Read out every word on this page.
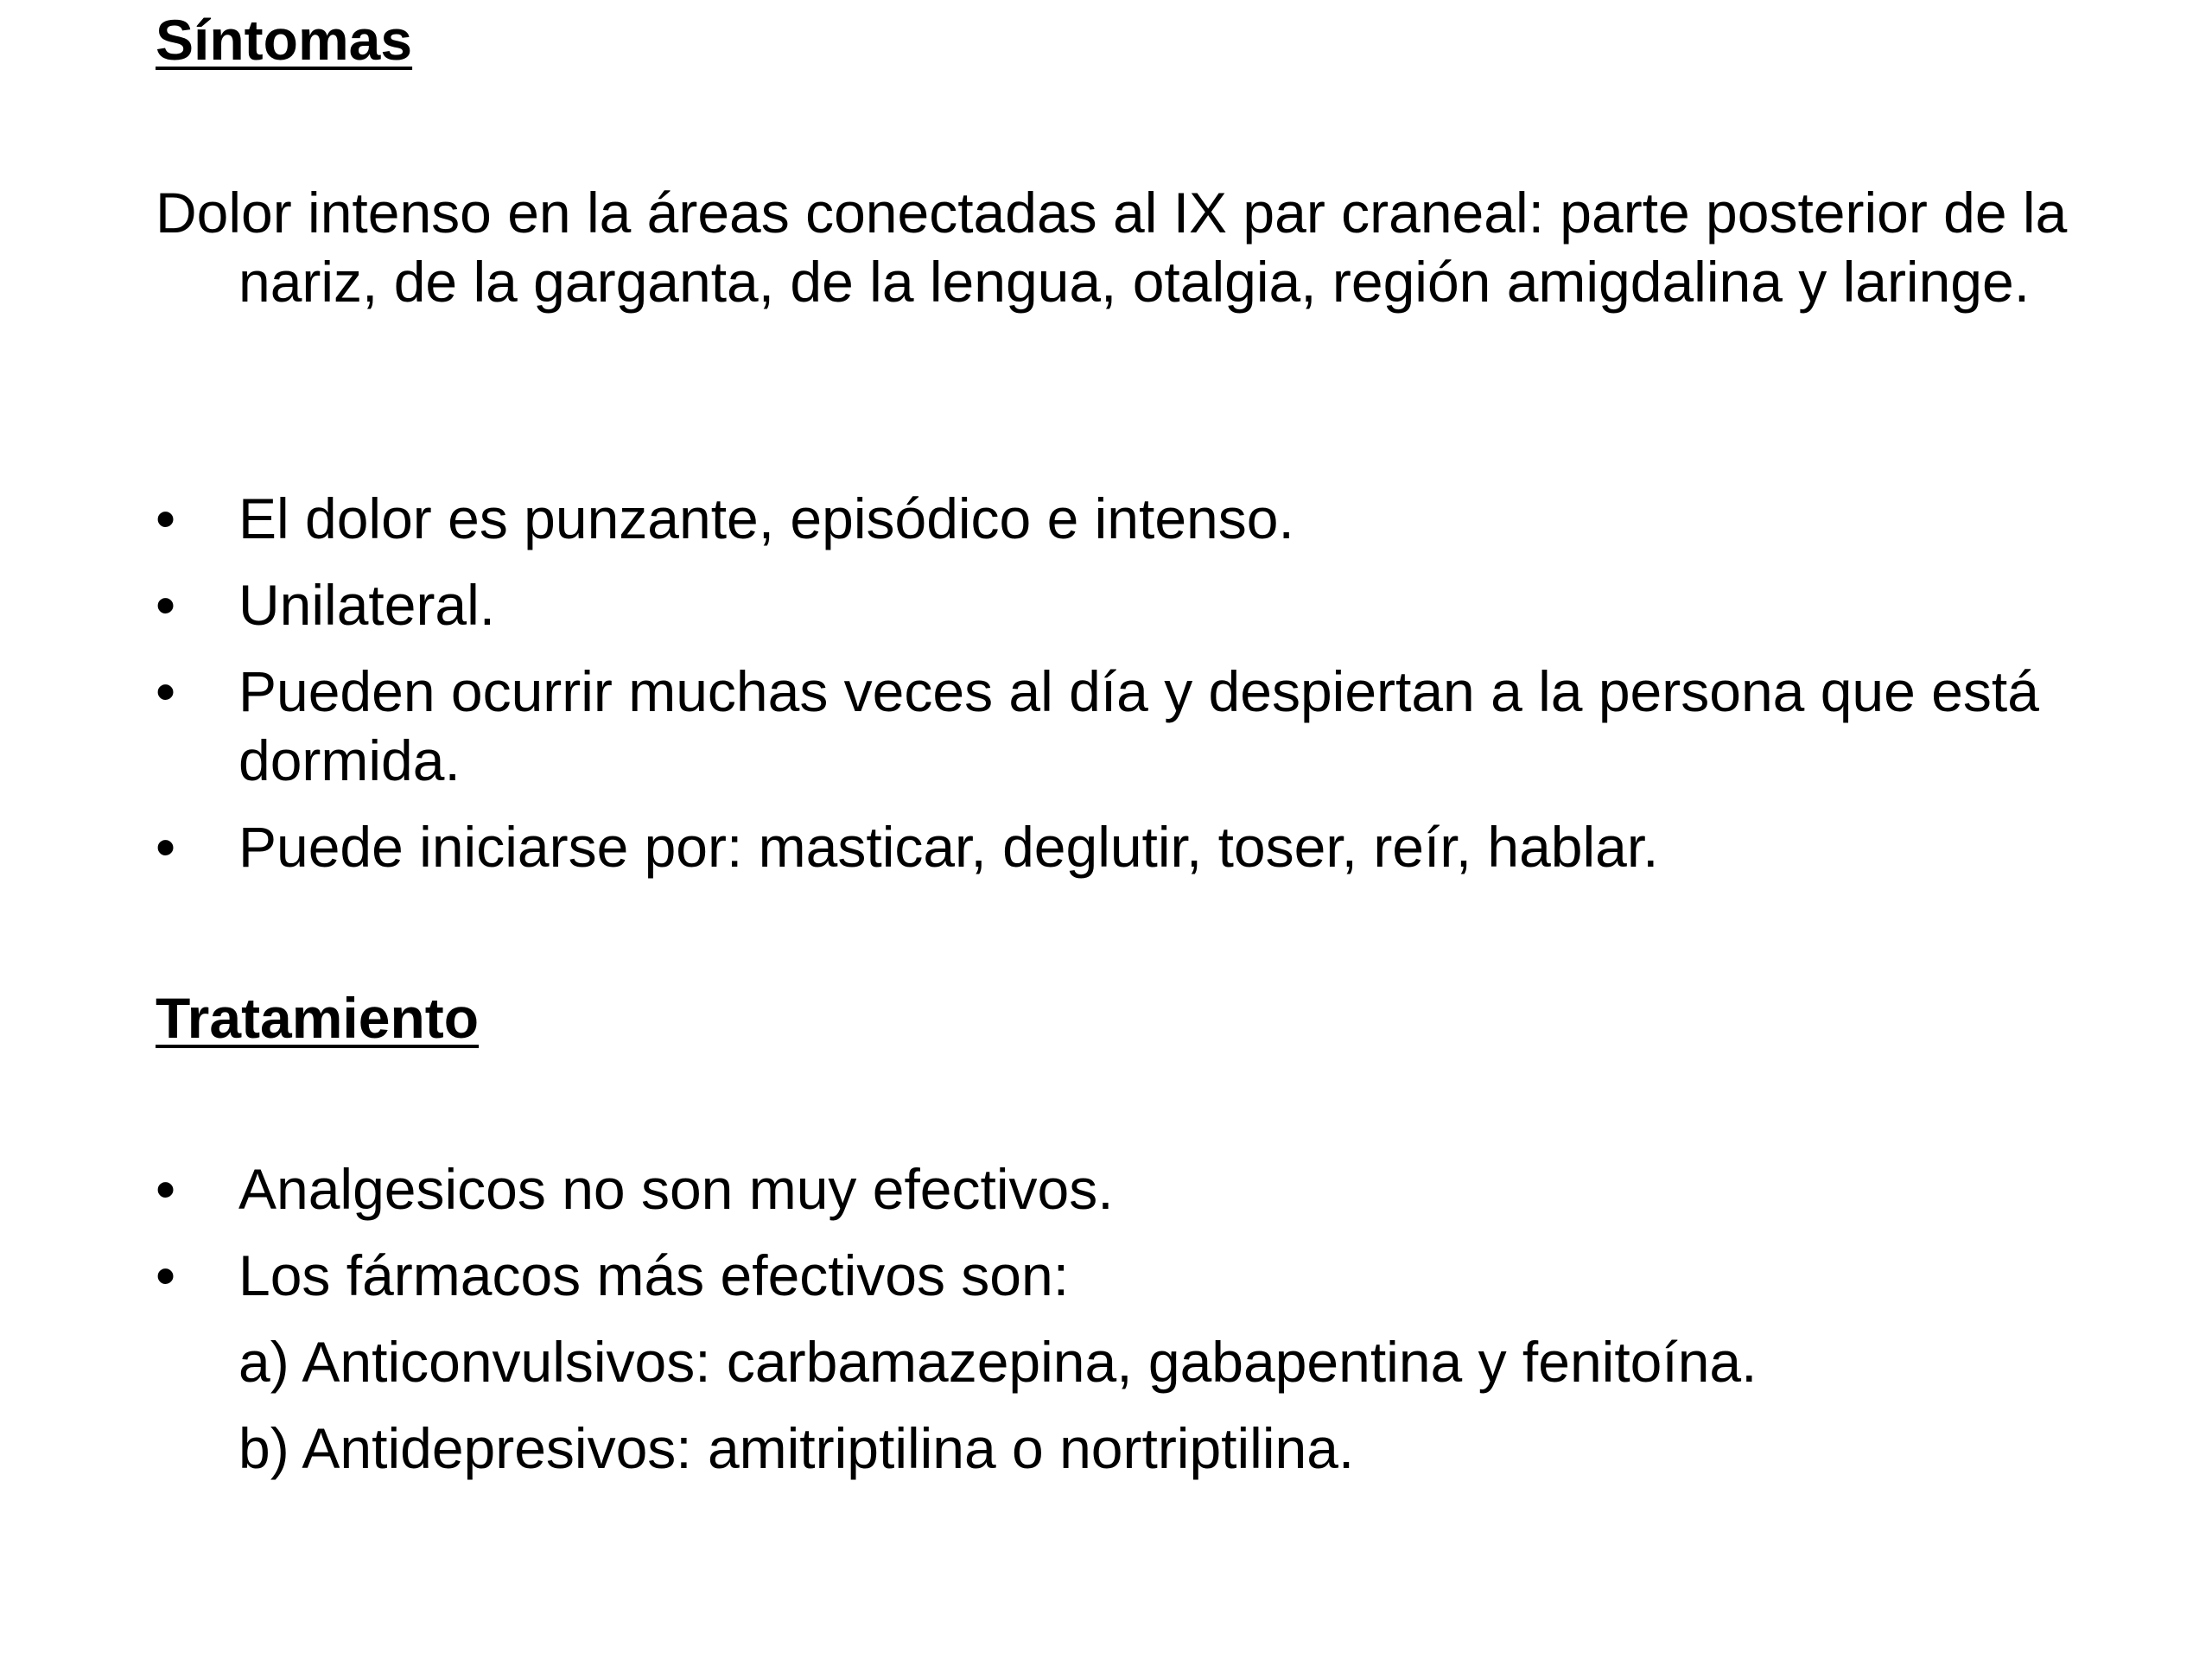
Síntomas

Dolor intenso en la áreas conectadas al IX par craneal: parte posterior de la nariz, de la garganta, de la lengua, otalgia, región amigdalina y laringe.

• El dolor es punzante, episódico e intenso.
• Unilateral.
• Pueden ocurrir muchas veces al día y despiertan a la persona que está dormida.
• Puede iniciarse por: masticar, deglutir, toser, reír, hablar.
Tratamiento
• Analgesicos no son muy efectivos.
• Los fármacos más efectivos son:
a) Anticonvulsivos: carbamazepina, gabapentina y fenitoína.
b) Antidepresivos: amitriptilina o nortriptilina.
